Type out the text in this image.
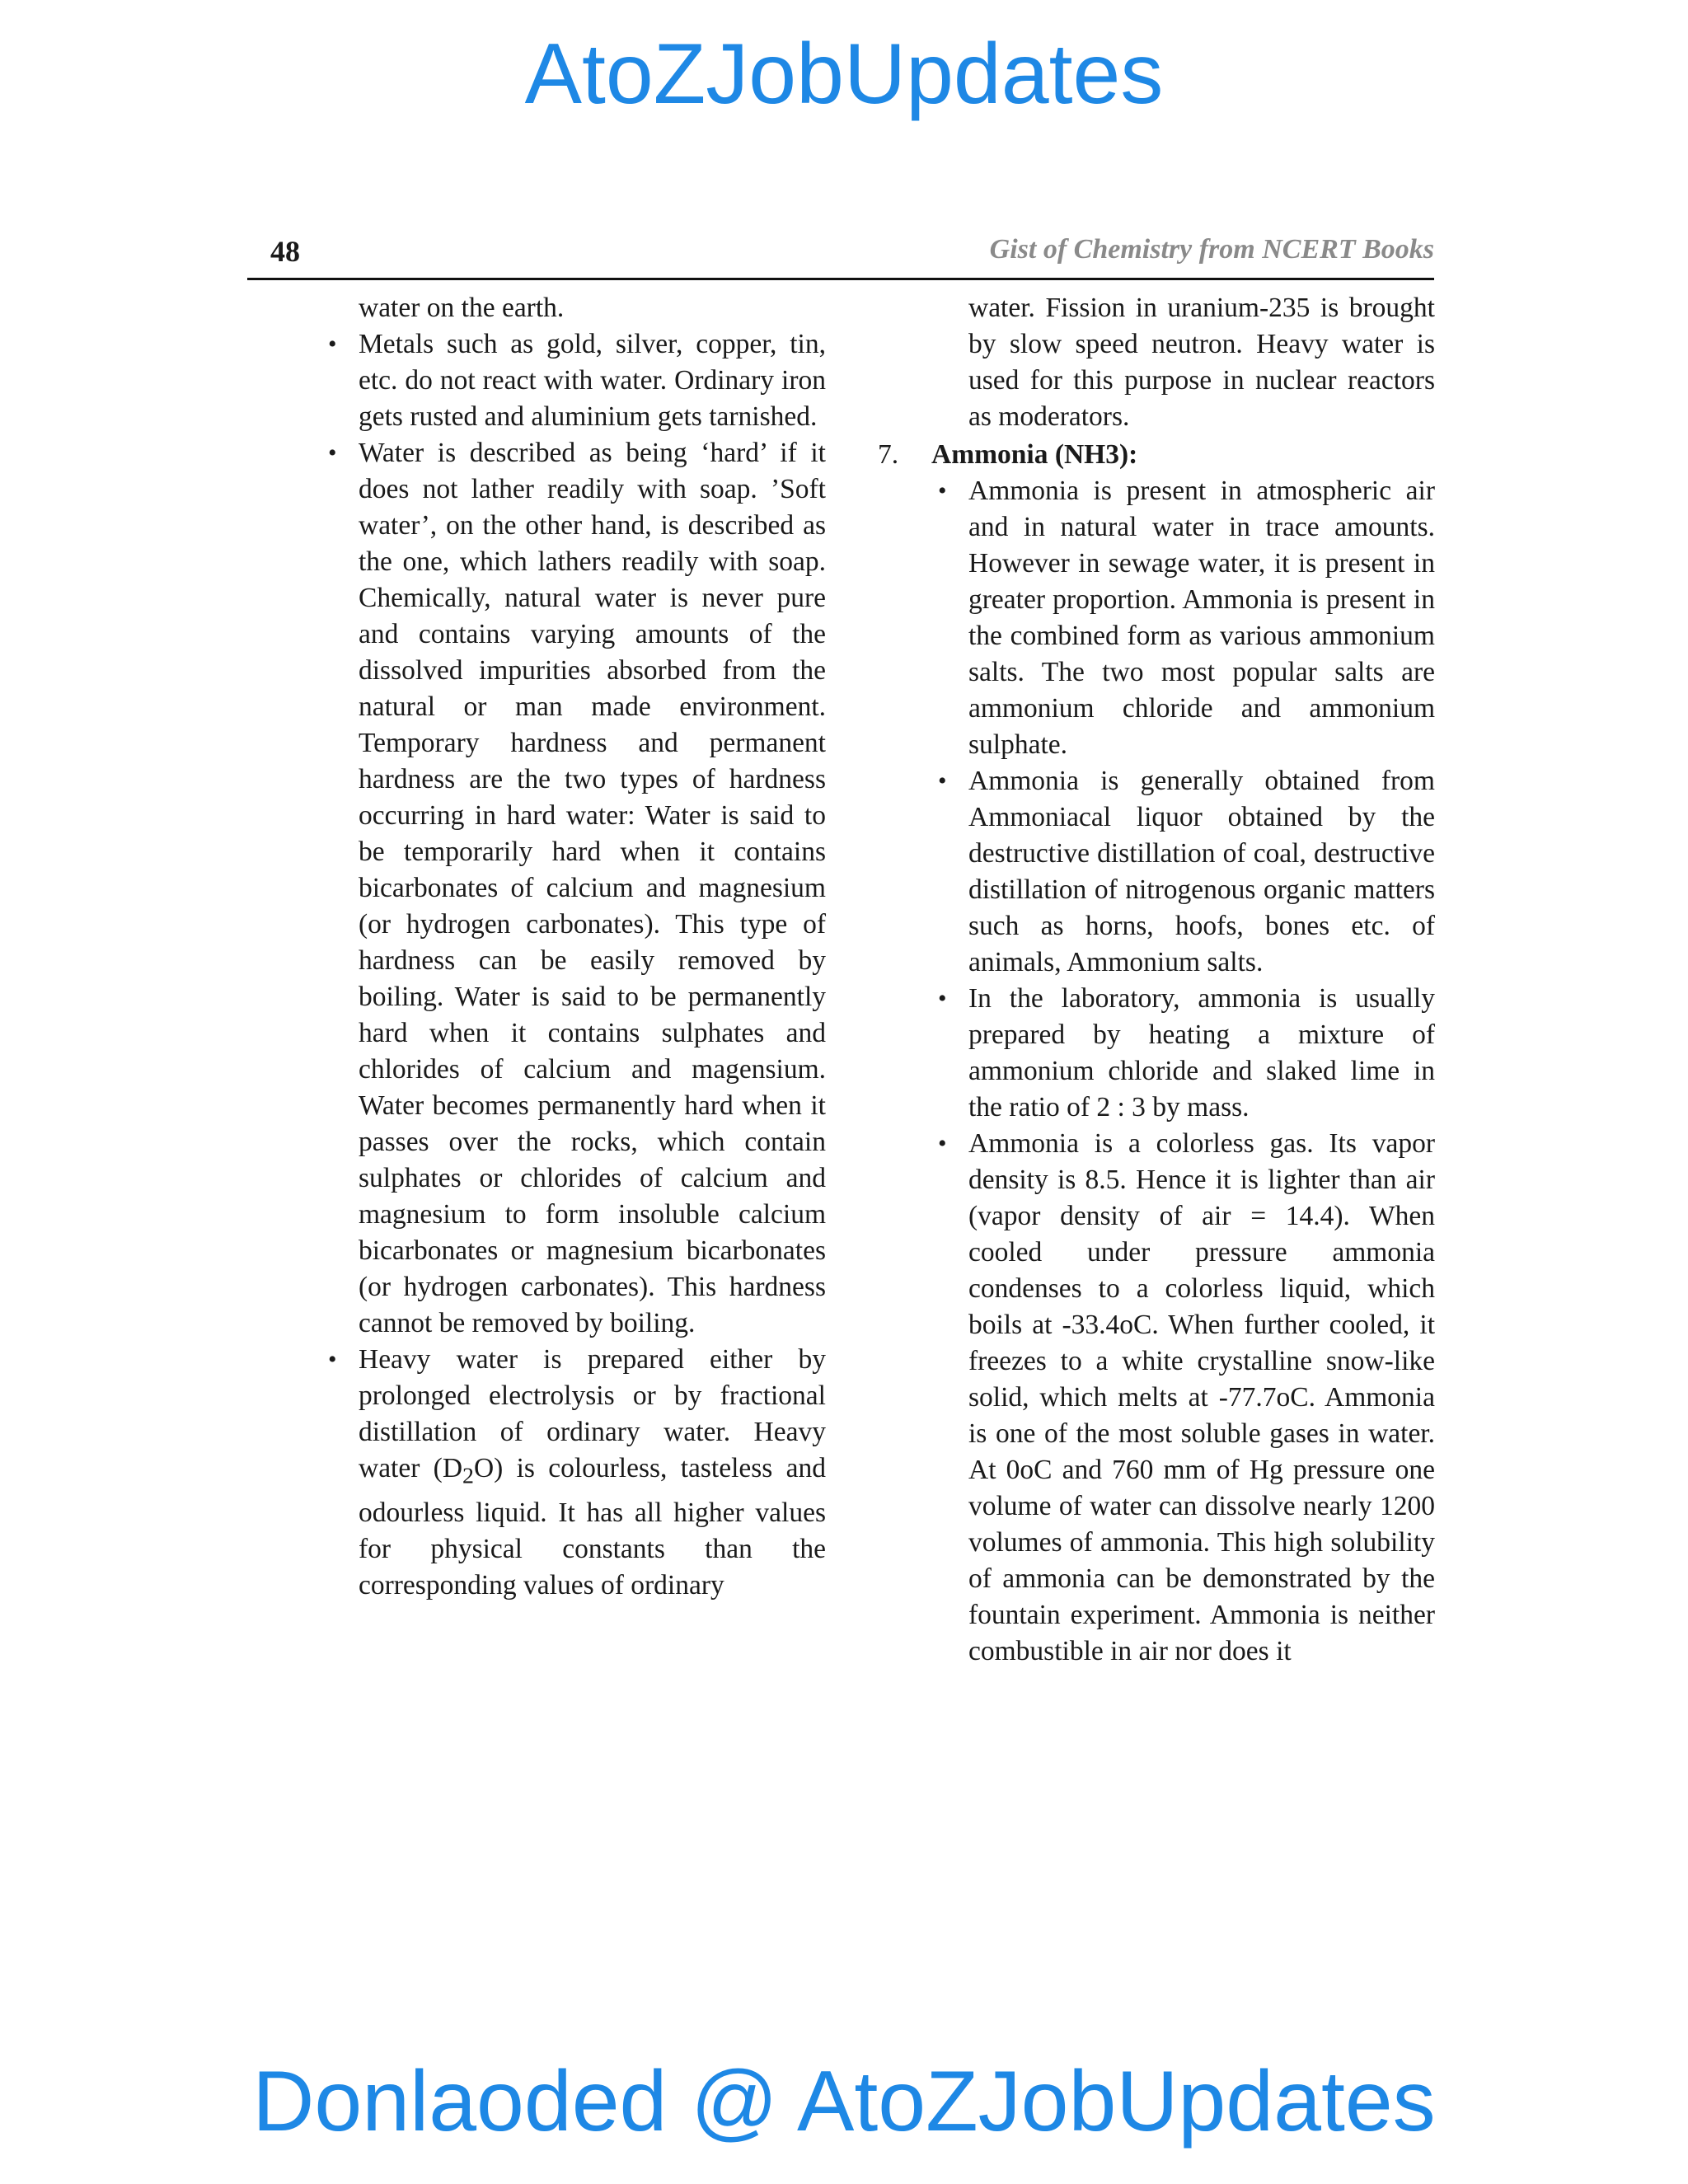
AtoZJobUpdates
48	Gist of Chemistry from NCERT Books

water on the earth.

• Metals such as gold, silver, copper, tin, etc. do not react with water. Ordinary iron gets rusted and aluminium gets tarnished.
• Water is described as being ‘hard’ if it does not lather readily with soap. ’Soft water’, on the other hand, is described as the one, which lathers readily with soap. Chemically, natural water is never pure and contains varying amounts of the dissolved impurities absorbed from the natural or man made environment. Temporary hardness and permanent hardness are the two types of hardness occurring in hard water: Water is said to be temporarily hard when it contains bicarbonates of calcium and magnesium (or hydrogen carbonates). This type of hardness can be easily removed by boiling. Water is said to be permanently hard when it contains sulphates and chlorides of calcium and magensium. Water becomes permanently hard when it passes over the rocks, which contain sulphates or chlorides of calcium and magnesium to form insoluble calcium bicarbonates or magnesium bicarbonates (or hydrogen carbonates). This hardness cannot be removed by boiling.
• Heavy water is prepared either by prolonged electrolysis or by fractional distillation of ordinary water. Heavy water $(D_2O)$ is colourless, tasteless and odourless liquid. It has all higher values for physical constants than the corresponding values of ordinary

water. Fission in uranium-235 is brought by slow speed neutron. Heavy water is used for this purpose in nuclear reactors as moderators.

7. Ammonia (NH3):
• Ammonia is present in atmospheric air and in natural water in trace amounts. However in sewage water, it is present in greater proportion. Ammonia is present in the combined form as various ammonium salts. The two most popular salts are ammonium chloride and ammonium sulphate.
• Ammonia is generally obtained from Ammoniacal liquor obtained by the destructive distillation of coal, destructive distillation of nitrogenous organic matters such as horns, hoofs, bones etc. of animals, Ammonium salts.
• In the laboratory, ammonia is usually prepared by heating a mixture of ammonium chloride and slaked lime in the ratio of 2 : 3 by mass.
• Ammonia is a colorless gas. Its vapor density is 8.5. Hence it is lighter than air (vapor density of air = 14.4). When cooled under pressure ammonia condenses to a colorless liquid, which boils at -33.4oC. When further cooled, it freezes to a white crystalline snow-like solid, which melts at -77.7oC. Ammonia is one of the most soluble gases in water. At 0oC and 760 mm of Hg pressure one volume of water can dissolve nearly 1200 volumes of ammonia. This high solubility of ammonia can be demonstrated by the fountain experiment. Ammonia is neither combustible in air nor does it
Donlaoded @ AtoZJobUpdates
